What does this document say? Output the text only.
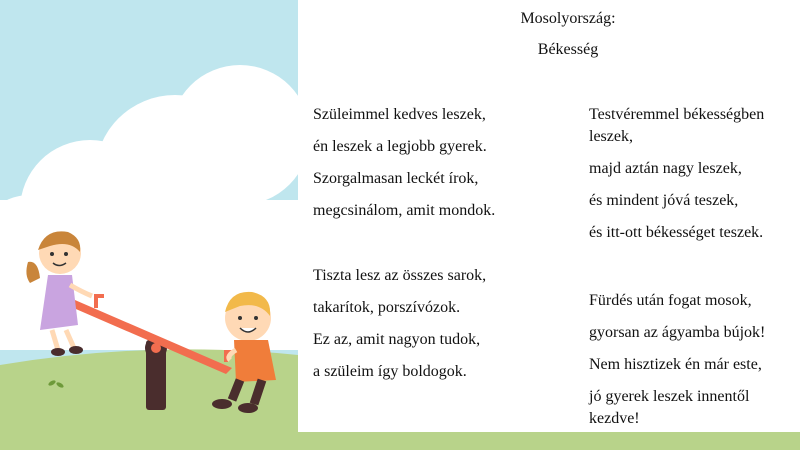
Mosolyország:
Békesség
Szüleimmel kedves leszek,
én leszek a legjobb gyerek.
Szorgalmasan leckét írok,
megcsinálom, amit mondok.
Tiszta lesz az összes sarok,
takarítok, porszívózok.
Ez az, amit nagyon tudok,
a szüleim így boldogok.
Testvéremmel békességben leszek,
majd aztán nagy leszek,
és mindent jóvá teszek,
és itt-ott békességet teszek.
Fürdés után fogat mosok,
gyorsan az ágyamba bújok!
Nem hisztizek én már este,
jó gyerek leszek innentől kezdve!
